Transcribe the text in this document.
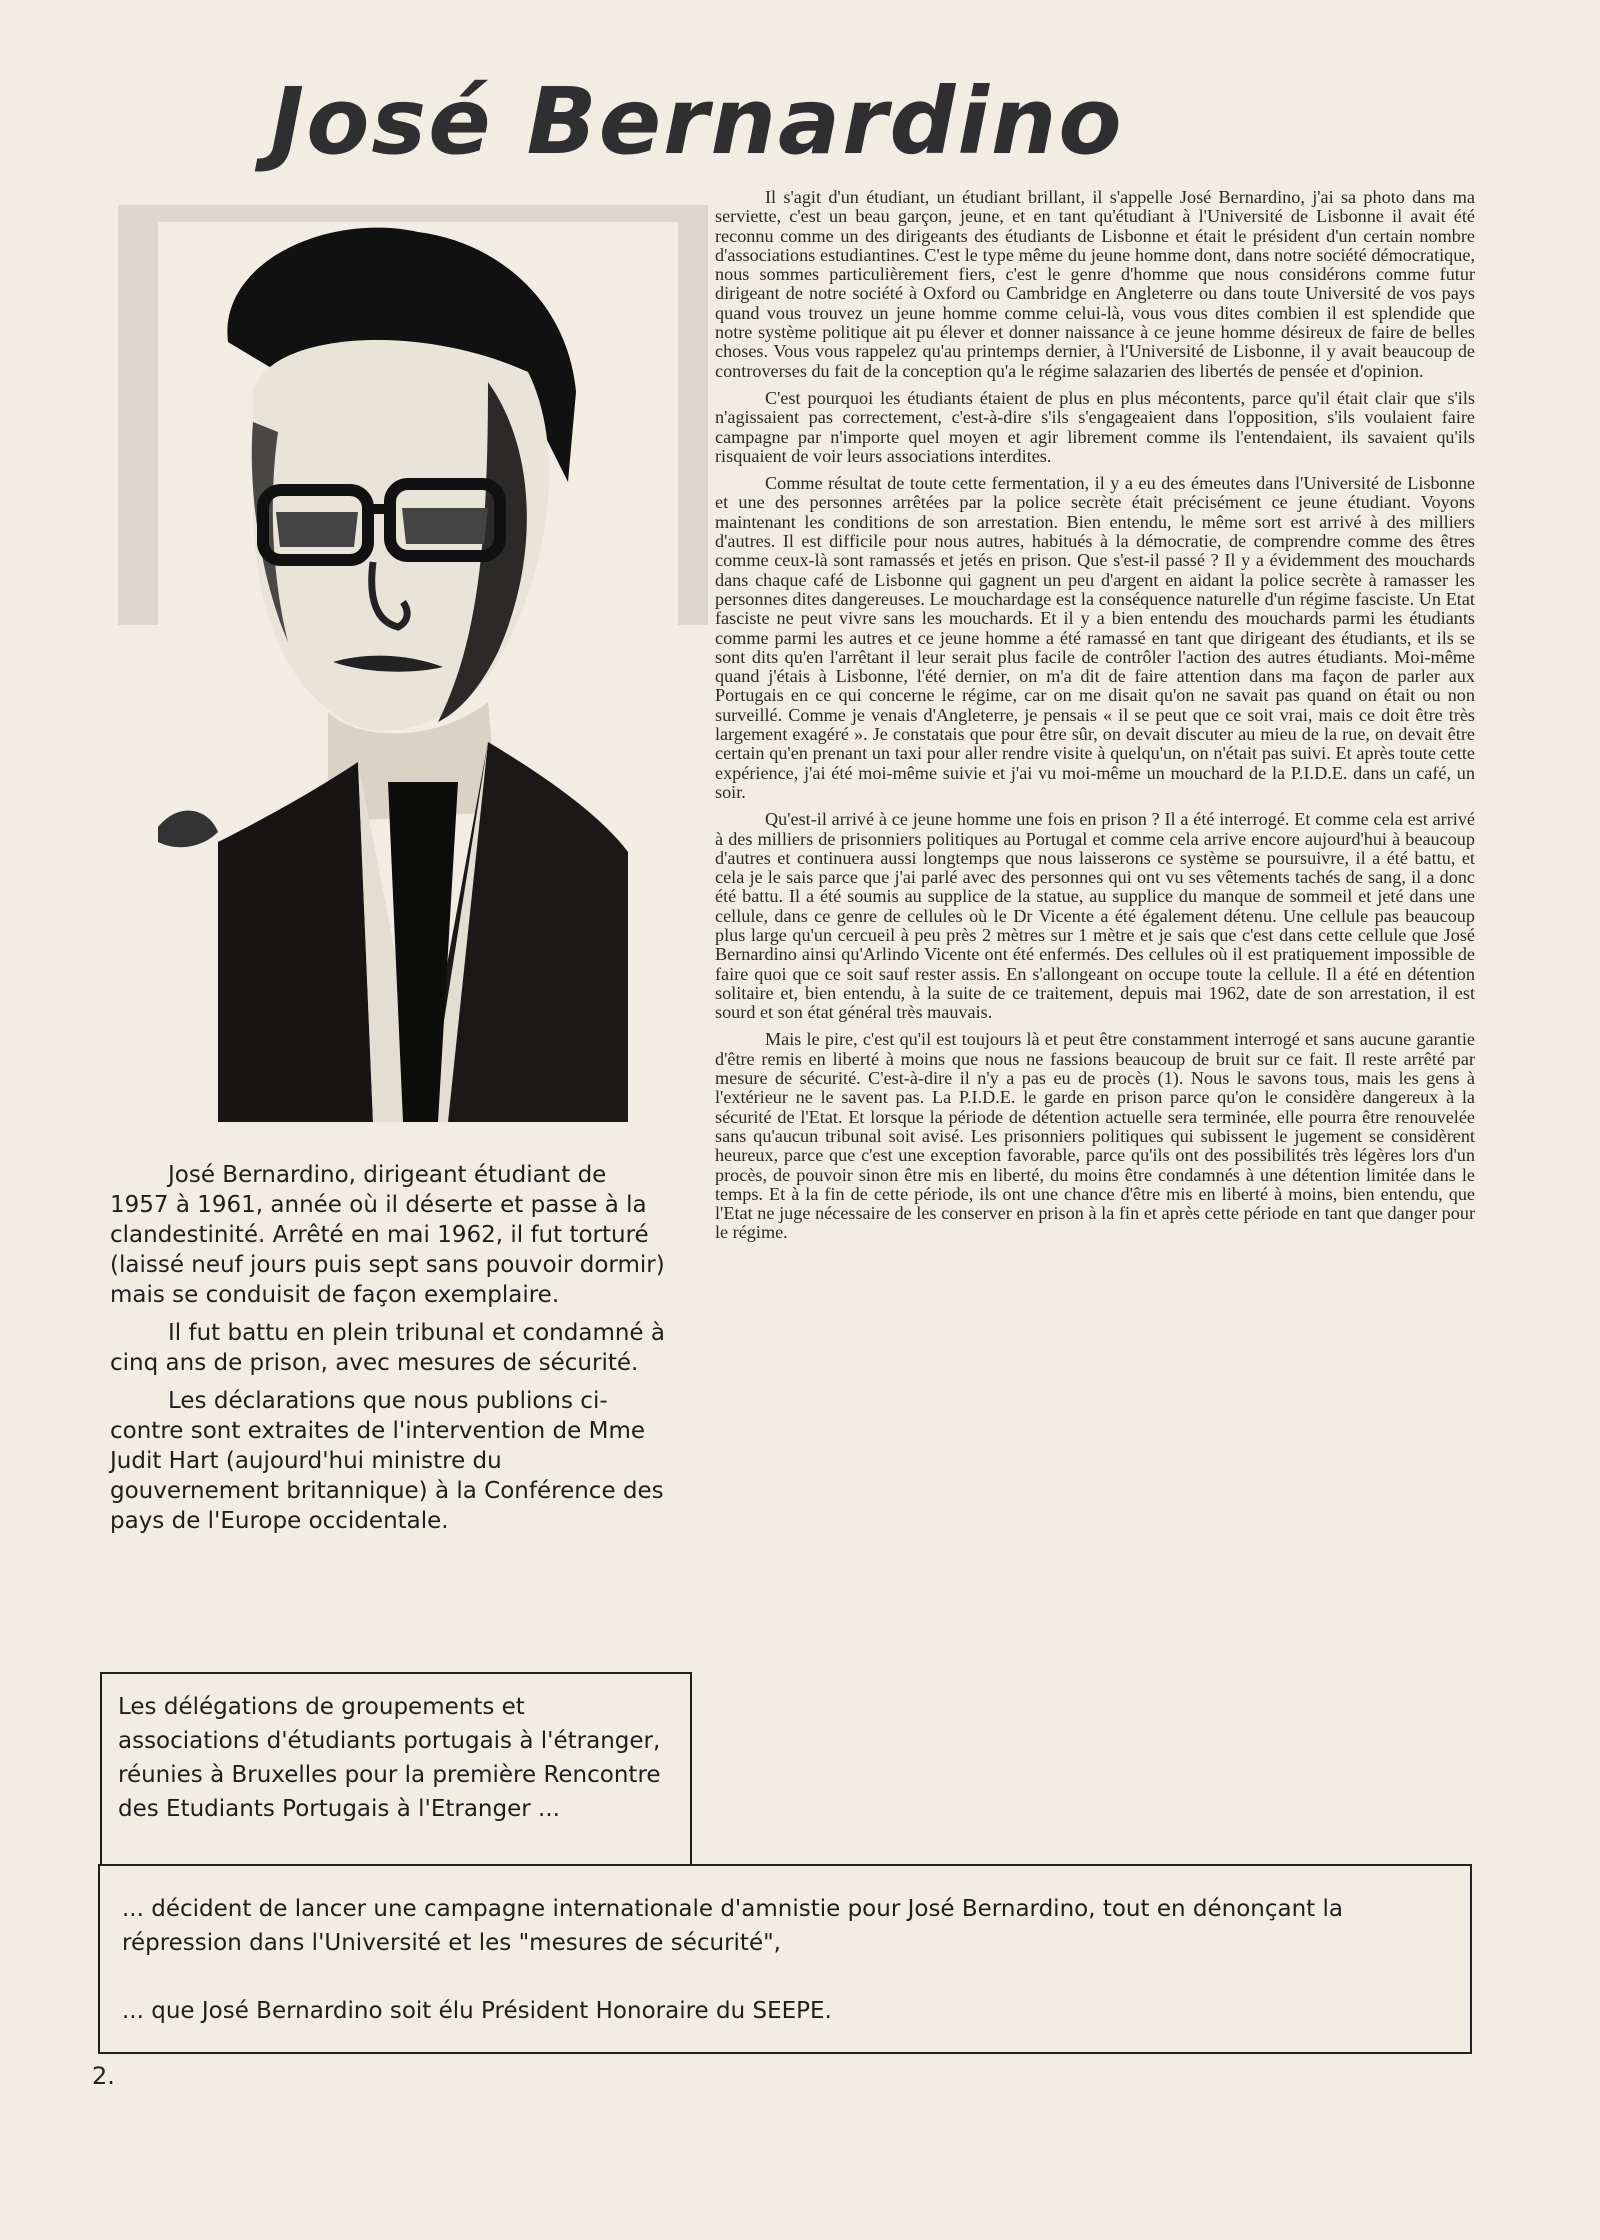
José Bernardino

José Bernardino, dirigeant étudiant de 1957 à 1961, année où il déserte et passe à la clandestinité. Arrêté en mai 1962, il fut torturé (laissé neuf jours puis sept sans pouvoir dormir) mais se conduisit de façon exemplaire.

Il fut battu en plein tribunal et condamné à cinq ans de prison, avec mesures de sécurité.

Les déclarations que nous publions ci-contre sont extraites de l'intervention de Mme Judit Hart (aujourd'hui ministre du gouvernement britannique) à la Conférence des pays de l'Europe occidentale.

Il s'agit d'un étudiant, un étudiant brillant, il s'appelle José Bernardino, j'ai sa photo dans ma serviette, c'est un beau garçon, jeune, et en tant qu'étudiant à l'Université de Lisbonne il avait été reconnu comme un des dirigeants des étudiants de Lisbonne et était le président d'un certain nombre d'associations estudiantines. C'est le type même du jeune homme dont, dans notre société démocratique, nous sommes particulièrement fiers, c'est le genre d'homme que nous considérons comme futur dirigeant de notre société à Oxford ou Cambridge en Angleterre ou dans toute Université de vos pays quand vous trouvez un jeune homme comme celui-là, vous vous dites combien il est splendide que notre système politique ait pu élever et donner naissance à ce jeune homme désireux de faire de belles choses. Vous vous rappelez qu'au printemps dernier, à l'Université de Lisbonne, il y avait beaucoup de controverses du fait de la conception qu'a le régime salazarien des libertés de pensée et d'opinion.

C'est pourquoi les étudiants étaient de plus en plus mécontents, parce qu'il était clair que s'ils n'agissaient pas correctement, c'est-à-dire s'ils s'engageaient dans l'opposition, s'ils voulaient faire campagne par n'importe quel moyen et agir librement comme ils l'entendaient, ils savaient qu'ils risquaient de voir leurs associations interdites.

Comme résultat de toute cette fermentation, il y a eu des émeutes dans l'Université de Lisbonne et une des personnes arrêtées par la police secrète était précisément ce jeune étudiant. Voyons maintenant les conditions de son arrestation. Bien entendu, le même sort est arrivé à des milliers d'autres. Il est difficile pour nous autres, habitués à la démocratie, de comprendre comme des êtres comme ceux-là sont ramassés et jetés en prison. Que s'est-il passé ? Il y a évidemment des mouchards dans chaque café de Lisbonne qui gagnent un peu d'argent en aidant la police secrète à ramasser les personnes dites dangereuses. Le mouchardage est la conséquence naturelle d'un régime fasciste. Un Etat fasciste ne peut vivre sans les mouchards. Et il y a bien entendu des mouchards parmi les étudiants comme parmi les autres et ce jeune homme a été ramassé en tant que dirigeant des étudiants, et ils se sont dits qu'en l'arrêtant il leur serait plus facile de contrôler l'action des autres étudiants. Moi-même quand j'étais à Lisbonne, l'été dernier, on m'a dit de faire attention dans ma façon de parler aux Portugais en ce qui concerne le régime, car on me disait qu'on ne savait pas quand on était ou non surveillé. Comme je venais d'Angleterre, je pensais « il se peut que ce soit vrai, mais ce doit être très largement exagéré ». Je constatais que pour être sûr, on devait discuter au mieu de la rue, on devait être certain qu'en prenant un taxi pour aller rendre visite à quelqu'un, on n'était pas suivi. Et après toute cette expérience, j'ai été moi-même suivie et j'ai vu moi-même un mouchard de la P.I.D.E. dans un café, un soir.

Qu'est-il arrivé à ce jeune homme une fois en prison ? Il a été interrogé. Et comme cela est arrivé à des milliers de prisonniers politiques au Portugal et comme cela arrive encore aujourd'hui à beaucoup d'autres et continuera aussi longtemps que nous laisserons ce système se poursuivre, il a été battu, et cela je le sais parce que j'ai parlé avec des personnes qui ont vu ses vêtements tachés de sang, il a donc été battu. Il a été soumis au supplice de la statue, au supplice du manque de sommeil et jeté dans une cellule, dans ce genre de cellules où le Dr Vicente a été également détenu. Une cellule pas beaucoup plus large qu'un cercueil à peu près 2 mètres sur 1 mètre et je sais que c'est dans cette cellule que José Bernardino ainsi qu'Arlindo Vicente ont été enfermés. Des cellules où il est pratiquement impossible de faire quoi que ce soit sauf rester assis. En s'allongeant on occupe toute la cellule. Il a été en détention solitaire et, bien entendu, à la suite de ce traitement, depuis mai 1962, date de son arrestation, il est sourd et son état général très mauvais.

Mais le pire, c'est qu'il est toujours là et peut être constamment interrogé et sans aucune garantie d'être remis en liberté à moins que nous ne fassions beaucoup de bruit sur ce fait. Il reste arrêté par mesure de sécurité. C'est-à-dire il n'y a pas eu de procès (1). Nous le savons tous, mais les gens à l'extérieur ne le savent pas. La P.I.D.E. le garde en prison parce qu'on le considère dangereux à la sécurité de l'Etat. Et lorsque la période de détention actuelle sera terminée, elle pourra être renouvelée sans qu'aucun tribunal soit avisé. Les prisonniers politiques qui subissent le jugement se considèrent heureux, parce que c'est une exception favorable, parce qu'ils ont des possibilités très légères lors d'un procès, de pouvoir sinon être mis en liberté, du moins être condamnés à une détention limitée dans le temps. Et à la fin de cette période, ils ont une chance d'être mis en liberté à moins, bien entendu, que l'Etat ne juge nécessaire de les conserver en prison à la fin et après cette période en tant que danger pour le régime.

Les délégations de groupements et associations d'étudiants portugais à l'étranger, réunies à Bruxelles pour la première Rencontre des Etudiants Portugais à l'Etranger ...

... décident de lancer une campagne internationale d'amnistie pour José Bernardino, tout en dénonçant la répression dans l'Université et les "mesures de sécurité",

... que José Bernardino soit élu Président Honoraire du SEEPE.

2.
